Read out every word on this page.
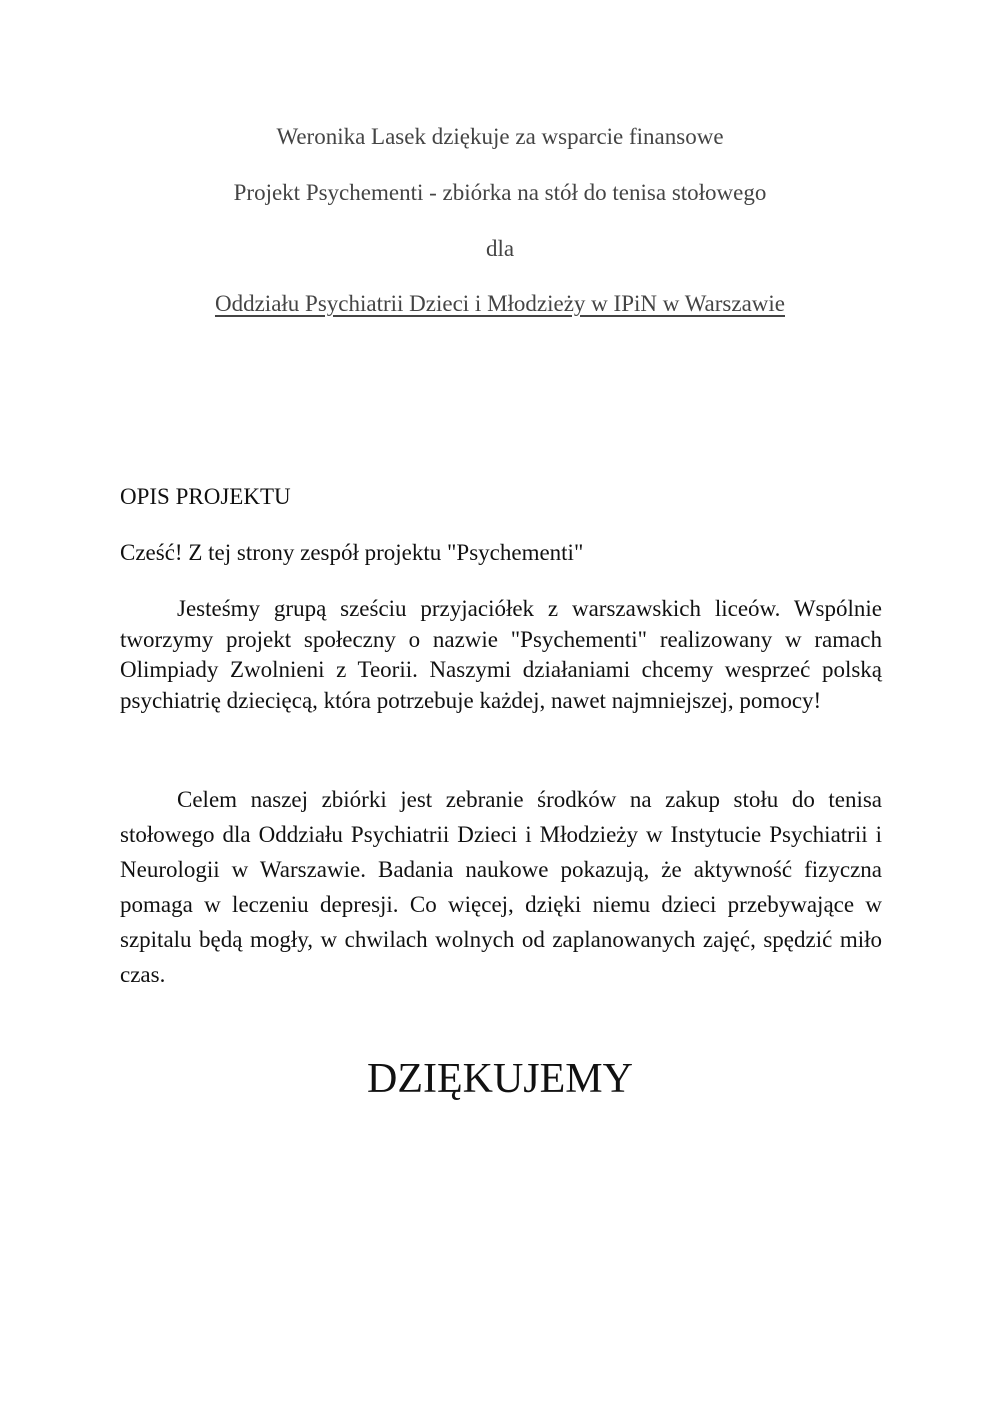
Weronika Lasek dziękuje za wsparcie finansowe
Projekt Psychementi - zbiórka na stół do tenisa stołowego
dla
Oddziału Psychiatrii Dzieci i Młodzieży w IPiN w Warszawie
OPIS PROJEKTU
Cześć! Z tej strony zespół projektu "Psychementi"
Jesteśmy grupą sześciu przyjaciółek z warszawskich liceów. Wspólnie tworzymy projekt społeczny o nazwie "Psychementi" realizowany w ramach Olimpiady Zwolnieni z Teorii. Naszymi działaniami chcemy wesprzeć polską psychiatrię dziecięcą, która potrzebuje każdej, nawet najmniejszej, pomocy!
Celem naszej zbiórki jest zebranie środków na zakup stołu do tenisa stołowego dla Oddziału Psychiatrii Dzieci i Młodzieży w Instytucie Psychiatrii i Neurologii w Warszawie. Badania naukowe pokazują, że aktywność fizyczna pomaga w leczeniu depresji. Co więcej, dzięki niemu dzieci przebywające w szpitalu będą mogły, w chwilach wolnych od zaplanowanych zajęć, spędzić miło czas.
DZIĘKUJEMY
